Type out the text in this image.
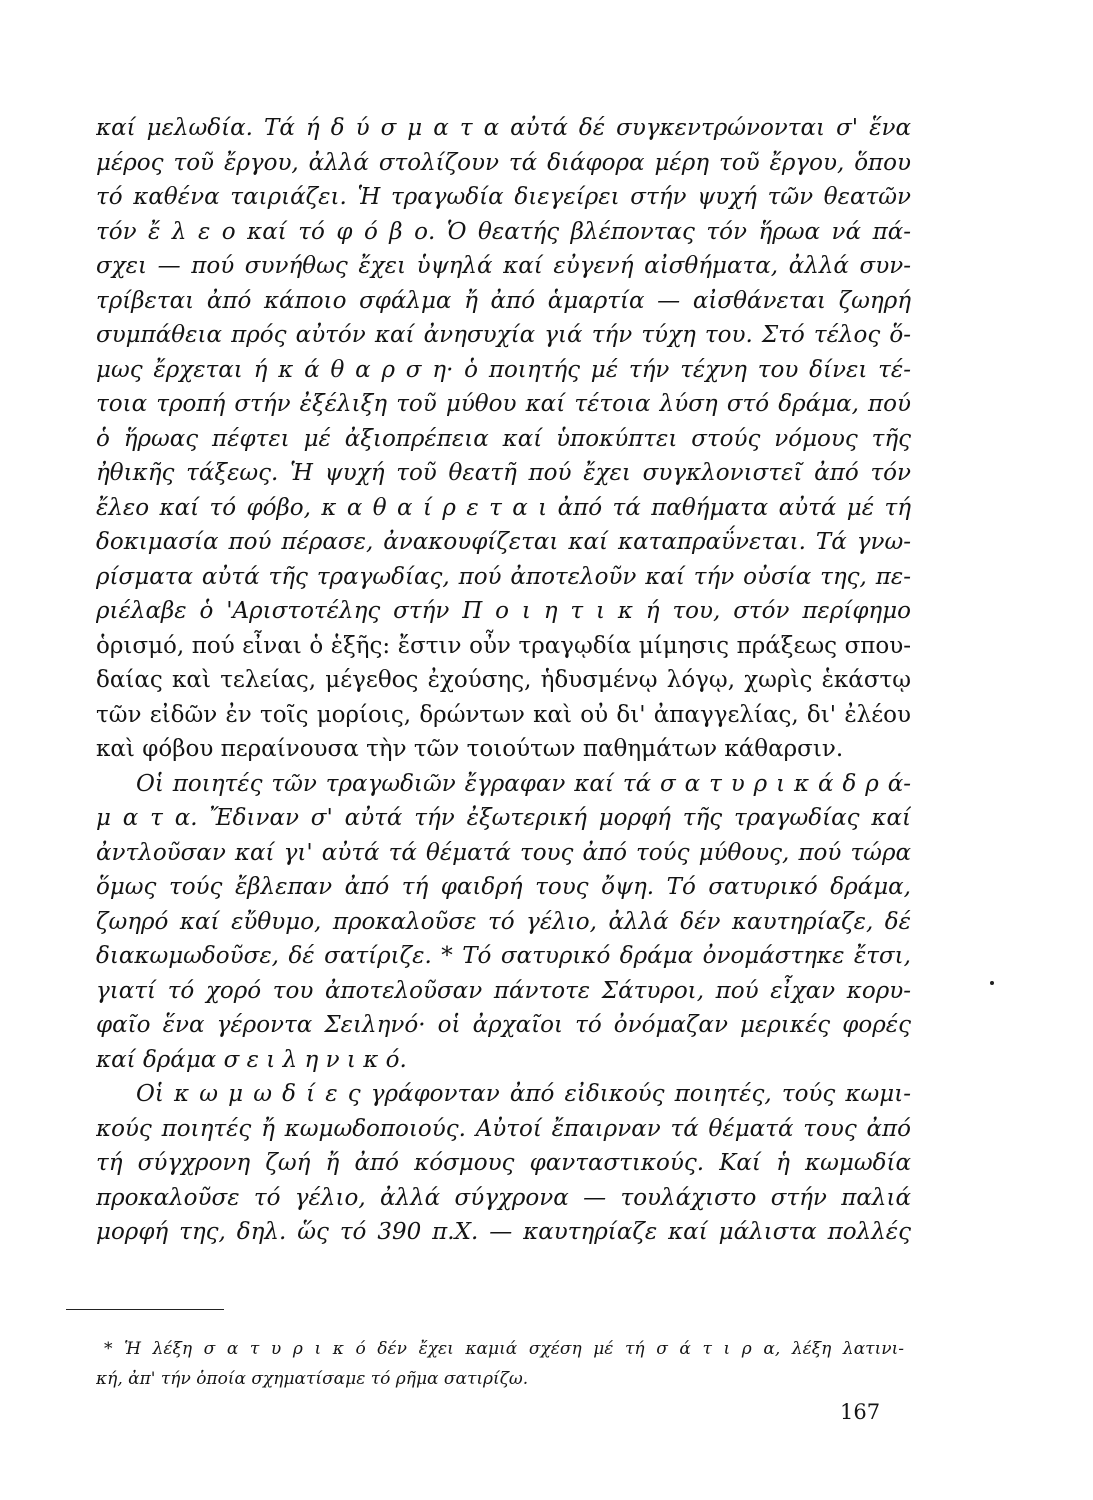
καί μελωδία. Τά ή δ ύ σ μ α τ α αὐτά δέ συγκεντρώνονται σ' ἕνα
μέρος τοῦ ἔργου, ἀλλά στολίζουν τά διάφορα μέρη τοῦ ἔργου, ὅπου
τό καθένα ταιριάζει. Ἡ τραγωδία διεγείρει στήν ψυχή τῶν θεατῶν
τόν ἔ λ ε ο καί τό φ ό β ο. Ὁ θεατής βλέποντας τόν ἥρωα νά πά-
σχει — πού συνήθως ἔχει ὑψηλά καί εὐγενή αἰσθήματα, ἀλλά συν-
τρίβεται ἀπό κάποιο σφάλμα ἤ ἀπό ἁμαρτία — αἰσθάνεται ζωηρή
συμπάθεια πρός αὐτόν καί ἀνησυχία γιά τήν τύχη του. Στό τέλος ὅ-
μως ἔρχεται ή κ ά θ α ρ σ η· ὁ ποιητής μέ τήν τέχνη του δίνει τέ-
τοια τροπή στήν ἐξέλιξη τοῦ μύθου καί τέτοια λύση στό δράμα, πού
ὁ ἥρωας πέφτει μέ ἀξιοπρέπεια καί ὑποκύπτει στούς νόμους τῆς
ἠθικῆς τάξεως. Ἡ ψυχή τοῦ θεατῆ πού ἔχει συγκλονιστεῖ ἀπό τόν
ἔλεο καί τό φόβο, κ α θ α ί ρ ε τ α ι ἀπό τά παθήματα αὐτά μέ τή
δοκιμασία πού πέρασε, ἀνακουφίζεται καί καταπραΰνεται. Τά γνω-
ρίσματα αὐτά τῆς τραγωδίας, πού ἀποτελοῦν καί τήν οὐσία της, πε-
ριέλαβε ὁ 'Αριστοτέλης στήν Π ο ι η τ ι κ ή του, στόν περίφημο
ὁρισμό, πού εἶναι ὁ ἑξῆς: ἔστιν οὖν τραγῳδία μίμησις πράξεως σπου-
δαίας καὶ τελείας, μέγεθος ἐχούσης, ἡδυσμένῳ λόγῳ, χωρὶς ἑκάστῳ
τῶν εἰδῶν ἐν τοῖς μορίοις, δρώντων καὶ οὐ δι' ἀπαγγελίας, δι' ἐλέου
καὶ φόβου περαίνουσα τὴν τῶν τοιούτων παθημάτων κάθαρσιν.
Οἱ ποιητές τῶν τραγωδιῶν ἔγραφαν καί τά σ α τ υ ρ ι κ ά δ ρ ά-
μ α τ α. Ἔδιναν σ' αὐτά τήν ἐξωτερική μορφή τῆς τραγωδίας καί
ἀντλοῦσαν καί γι' αὐτά τά θέματά τους ἀπό τούς μύθους, πού τώρα
ὅμως τούς ἔβλεπαν ἀπό τή φαιδρή τους ὄψη. Τό σατυρικό δράμα,
ζωηρό καί εὔθυμο, προκαλοῦσε τό γέλιο, ἀλλά δέν καυτηρίαζε, δέ
διακωμωδοῦσε, δέ σατίριζε. * Τό σατυρικό δράμα ὀνομάστηκε ἔτσι,
γιατί τό χορό του ἀποτελοῦσαν πάντοτε Σάτυροι, πού εἶχαν κορυ-
φαῖο ἕνα γέροντα Σειληνό· οἱ ἀρχαῖοι τό ὀνόμαζαν μερικές φορές
καί δράμα σ ε ι λ η ν ι κ ό.
Οἱ κ ω μ ω δ ί ε ς γράφονταν ἀπό εἰδικούς ποιητές, τούς κωμι-
κούς ποιητές ἤ κωμωδοποιούς. Αὐτοί ἔπαιρναν τά θέματά τους ἀπό
τή σύγχρονη ζωή ἤ ἀπό κόσμους φανταστικούς. Καί ἡ κωμωδία
προκαλοῦσε τό γέλιο, ἀλλά σύγχρονα — τουλάχιστο στήν παλιά
μορφή της, δηλ. ὥς τό 390 π.Χ. — καυτηρίαζε καί μάλιστα πολλές
* Ἡ λέξη σ α τ υ ρ ι κ ό δέν ἔχει καμιά σχέση μέ τή σ ά τ ι ρ α, λέξη λατινι-
κή, ἀπ' τήν ὁποία σχηματίσαμε τό ρῆμα σατιρίζω.
167
